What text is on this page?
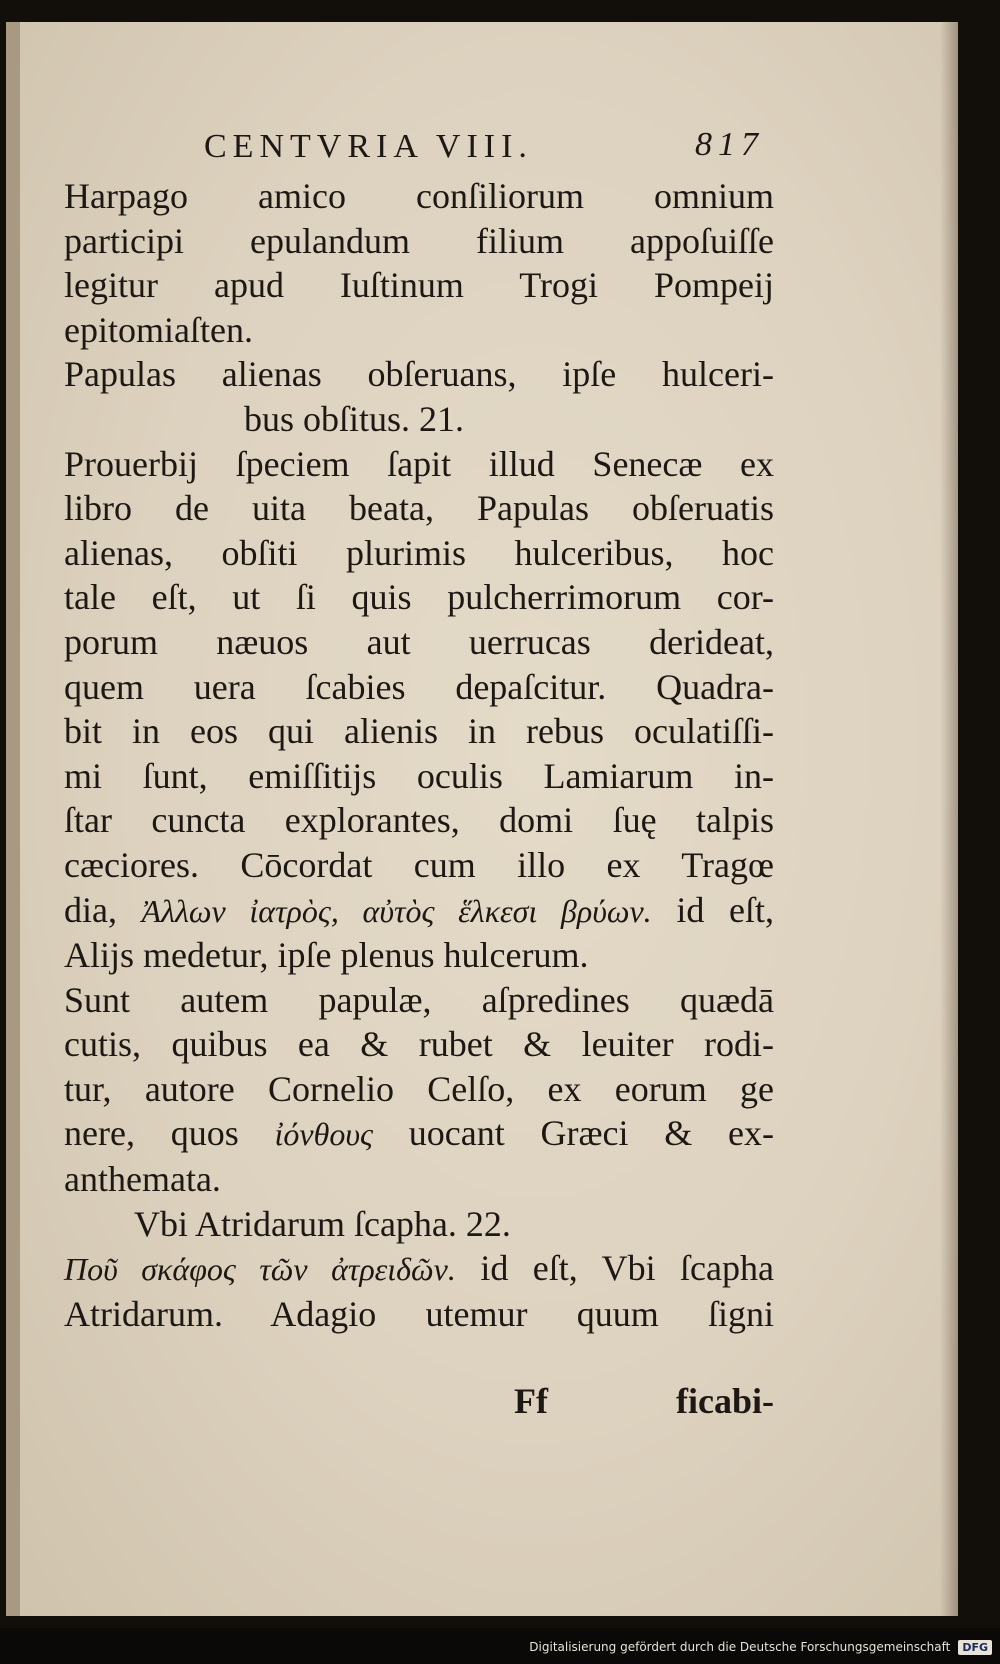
CENTVRIA VIII.	817
Harpago amico conſiliorum omnium
participi epulandum filium appoſuiſſe
legitur apud Iuſtinum Trogi Pompeij
epitomiaſten.
Papulas alienas obſeruans, ipſe hulceri-
bus obſitus. 21.
Prouerbij ſpeciem ſapit illud Senecæ ex
libro de uita beata, Papulas obſeruatis
alienas, obſiti plurimis hulceribus, hoc
tale eſt, ut ſi quis pulcherrimorum cor-
porum næuos aut uerrucas derideat,
quem uera ſcabies depaſcitur. Quadra-
bit in eos qui alienis in rebus oculatiſſi-
mi ſunt, emiſſitijs oculis Lamiarum in-
ſtar cuncta explorantes, domi ſuę talpis
cæciores. Cōcordat cum illo ex Tragœ
dia, Ἀλλων ἰατρὸς, αὐτὸς ἕλκεσι βρύων. id eſt,
Alijs medetur, ipſe plenus hulcerum.
Sunt autem papulæ, aſpredines quædā
cutis, quibus ea & rubet & leuiter rodi-
tur, autore Cornelio Celſo, ex eorum ge
nere, quos ἰόνθους uocant Græci & ex-
anthemata.
Vbi Atridarum ſcapha. 22.
Ποῦ σκάφος τῶν ἀτρειδῶν. id eſt, Vbi ſcapha
Atridarum. Adagio utemur quum ſigni
Ff	ficabi-
Digitalisierung gefördert durch die Deutsche Forschungsgemeinschaft	DFG
